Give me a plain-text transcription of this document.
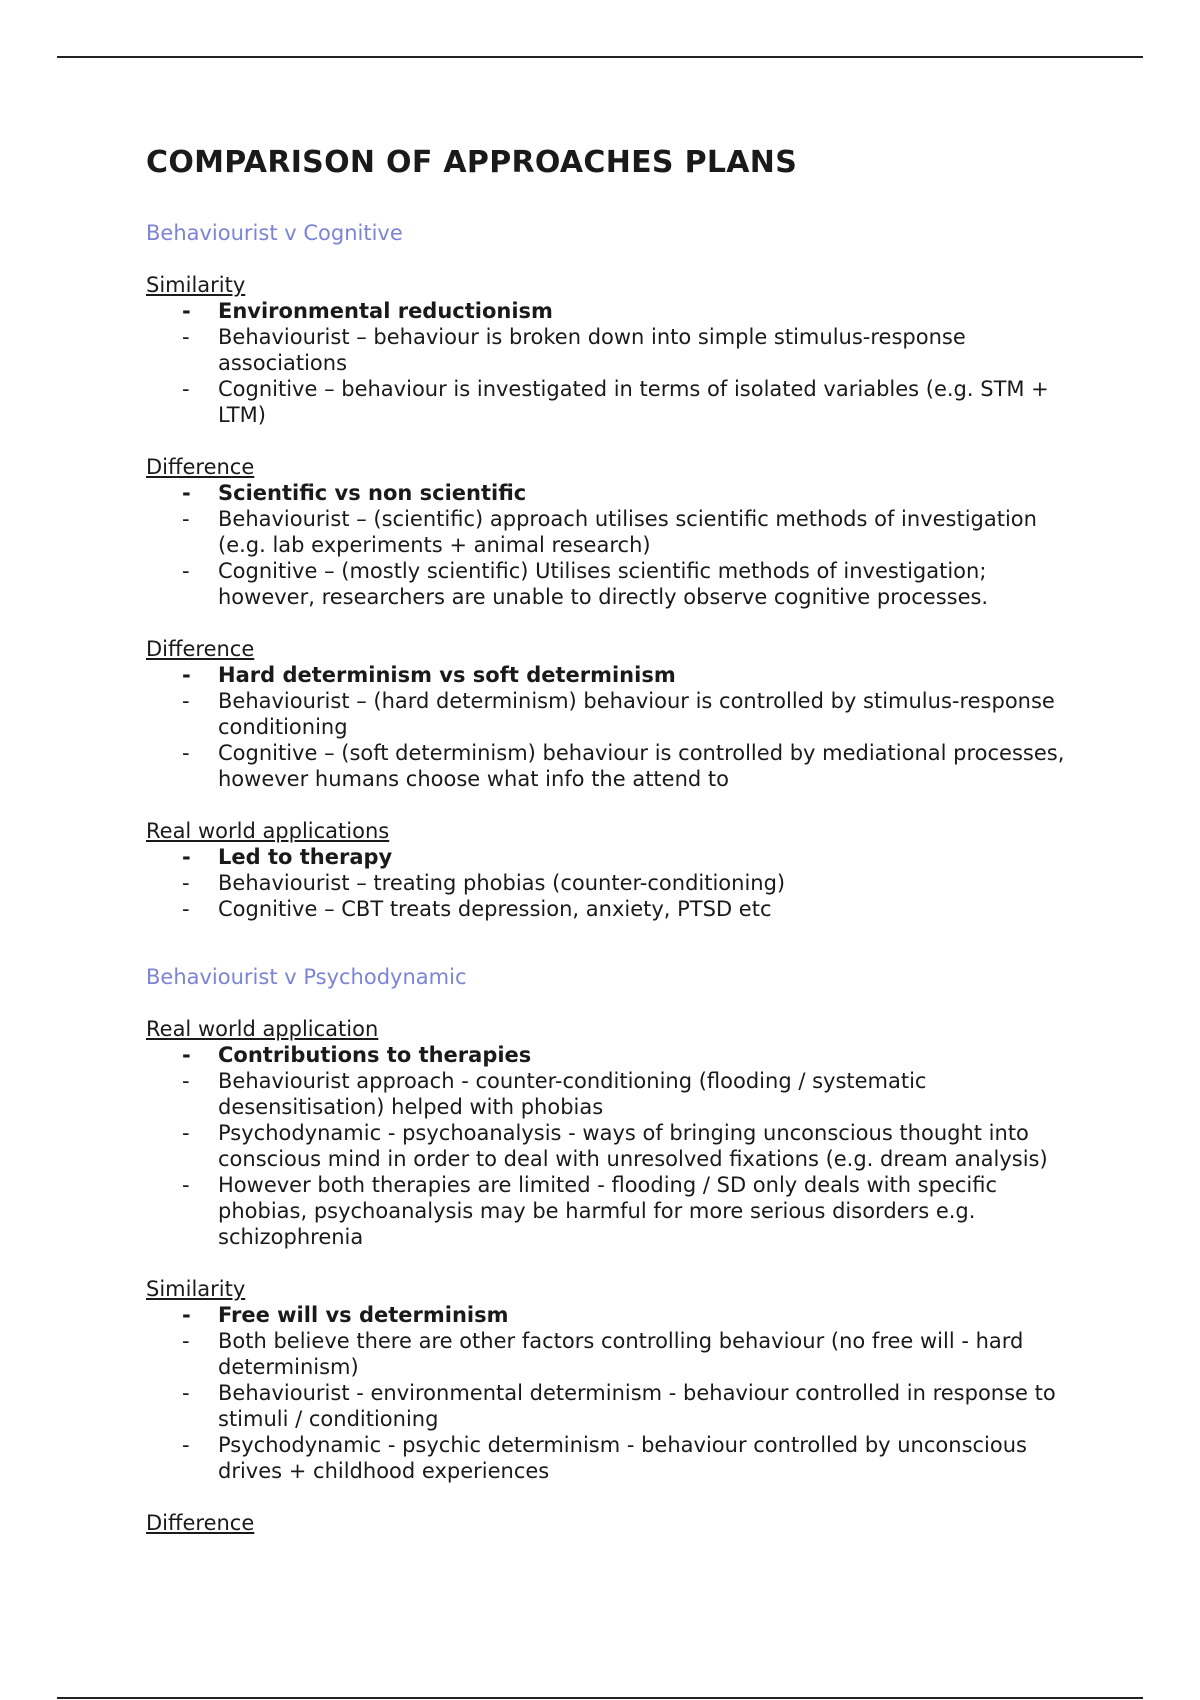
COMPARISON OF APPROACHES PLANS
Behaviourist v Cognitive
Similarity
- Environmental reductionism
- Behaviourist – behaviour is broken down into simple stimulus-response associations
- Cognitive – behaviour is investigated in terms of isolated variables (e.g. STM + LTM)
Difference
- Scientific vs non scientific
- Behaviourist – (scientific) approach utilises scientific methods of investigation (e.g. lab experiments + animal research)
- Cognitive – (mostly scientific) Utilises scientific methods of investigation; however, researchers are unable to directly observe cognitive processes.
Difference
- Hard determinism vs soft determinism
- Behaviourist – (hard determinism) behaviour is controlled by stimulus-response conditioning
- Cognitive – (soft determinism) behaviour is controlled by mediational processes, however humans choose what info the attend to
Real world applications
- Led to therapy
- Behaviourist – treating phobias (counter-conditioning)
- Cognitive – CBT treats depression, anxiety, PTSD etc
Behaviourist v Psychodynamic
Real world application
- Contributions to therapies
- Behaviourist approach - counter-conditioning (flooding / systematic desensitisation) helped with phobias
- Psychodynamic - psychoanalysis - ways of bringing unconscious thought into conscious mind in order to deal with unresolved fixations (e.g. dream analysis)
- However both therapies are limited - flooding / SD only deals with specific phobias, psychoanalysis may be harmful for more serious disorders e.g. schizophrenia
Similarity
- Free will vs determinism
- Both believe there are other factors controlling behaviour (no free will - hard determinism)
- Behaviourist - environmental determinism - behaviour controlled in response to stimuli / conditioning
- Psychodynamic - psychic determinism - behaviour controlled by unconscious drives + childhood experiences
Difference
